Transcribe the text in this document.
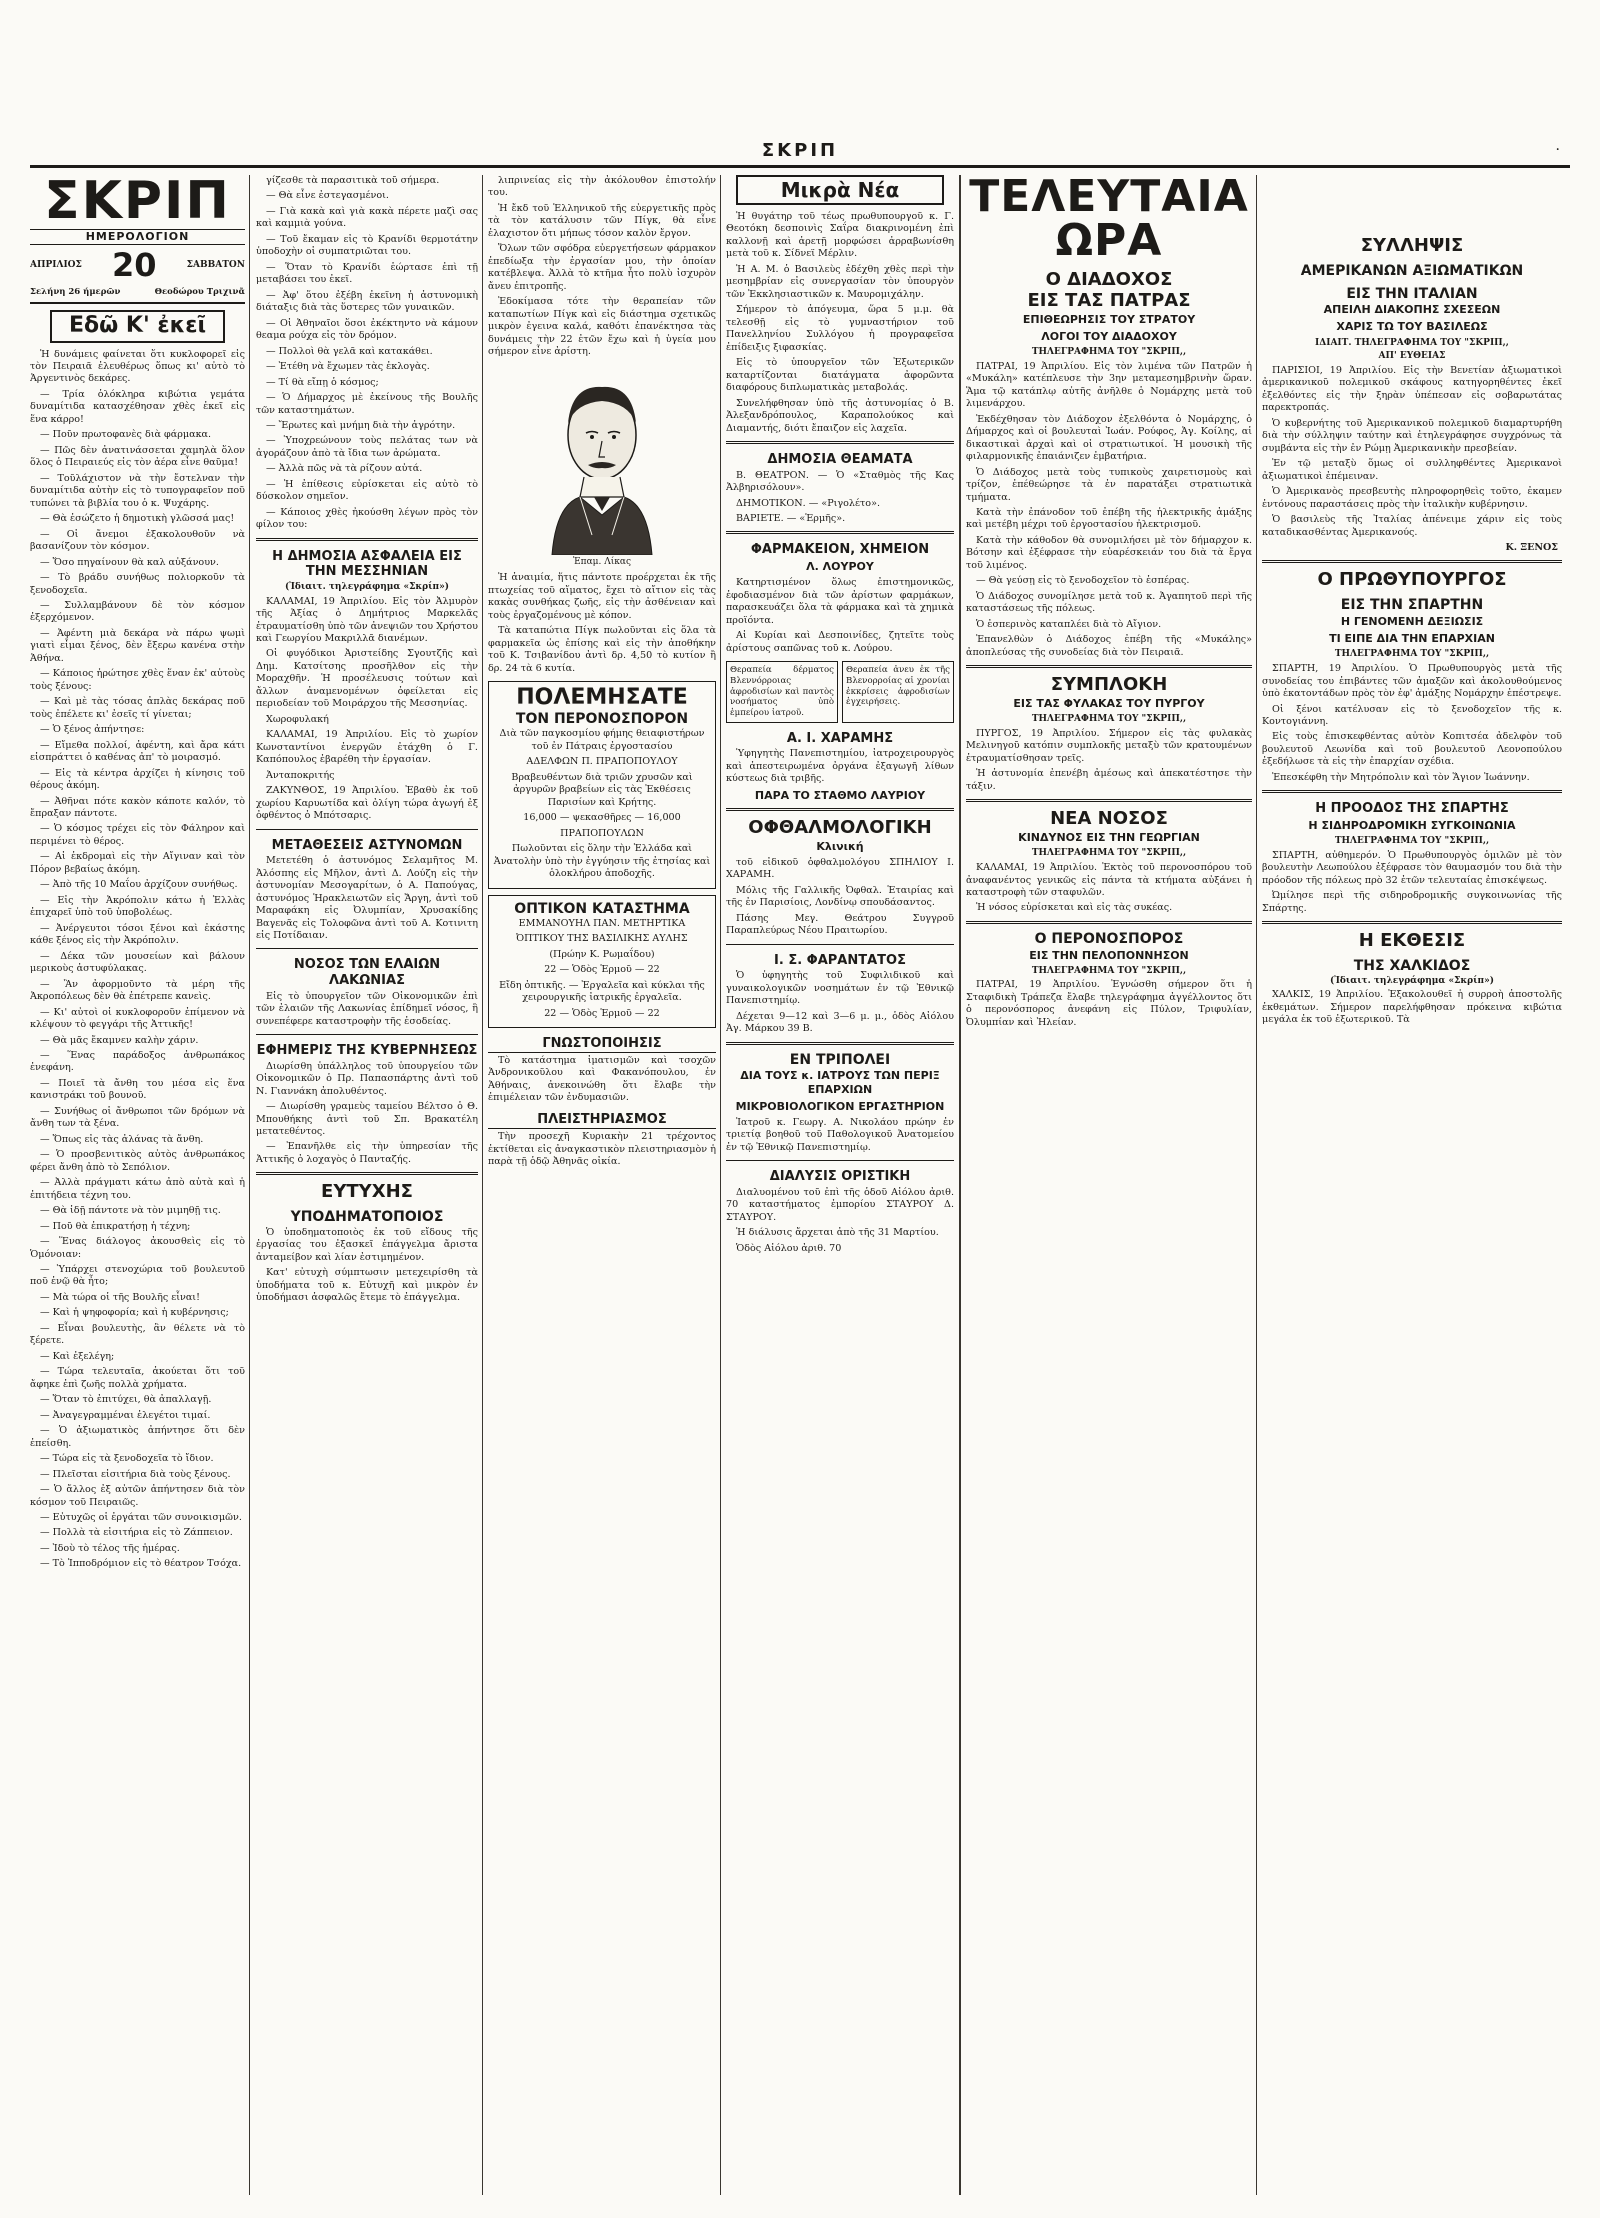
ΣΚΡΙΠ	·
ΣΚΡΙΠ
ΗΜΕΡΟΛΟΓΙΟΝ
ΑΠΡΙΛΙΟΣ 20	ΣΑΒΒΑΤΟΝ
Σελήνη 26 ήμερῶν	Θεοδώρου Τριχινᾶ
Εδῶ Κ' ἐκεῖ

Ἡ δυνάμεις φαίνεται ὅτι κυκλοφορεῖ εἰς τὸν Πειραιᾶ ἐλευθέρως ὅπως κι' αὐτὸ τὸ Ἀργεντινὸς δεκάρες.

— Τρία ὁλόκληρα κιβώτια γεμάτα δυναμίτιδα κατασχέθησαν χθὲς ἐκεῖ εἰς ἕνα κάρρο!

— Ποῦν πρωτοφανὲς διὰ φάρμακα.

— Πῶς δὲν ἀνατινάσσεται χαμηλὰ ὅλον ὅλος ὁ Πειραιεύς εἰς τὸν ἀέρα εἶνε θαῦμα!

— Τοῦλάχιστον νὰ τὴν ἔστελναν τὴν δυναμίτιδα αὐτὴν εἰς τὸ τυπογραφεῖον ποῦ τυπώνει τὰ βιβλία του ὁ κ. Ψυχάρης.

— Θὰ ἐσώζετο ἡ δημοτικὴ γλῶσσά μας!

— Οἱ ἄνεμοι ἐξακολουθοῦν νὰ βασανίζουν τὸν κόσμον.

— Ὅσο πηγαίνουν θὰ καλ αὐξάνουν.

— Τὸ βράδυ συνήθως πολιορκοῦν τὰ ξενοδοχεῖα.

— Συλλαμβάνουν δὲ τὸν κόσμον ἐξερχόμενον.

— Ἀφέντη μιὰ δεκάρα νὰ πάρω ψωμὶ γιατὶ εἶμαι ξένος, δὲν ἔξερω κανένα στὴν Ἀθήνα.

— Κάποιος ἠρώτησε χθὲς ἕναν ἐκ' αὐτοὺς τοὺς ξένους:

— Καὶ μὲ τὰς τόσας ἀπλὰς δεκάρας ποῦ τοὺς ἐπέλετε κι' ἐσεῖς τί γίνεται;

— Ὁ ξένος ἀπήντησε:

— Εἴμεθα πολλοί, ἀφέντη, καὶ ἄρα κάτι εἰσπράττει ὁ καθένας ἀπ' τὸ μοιρασμό.

— Εἰς τὰ κέντρα ἀρχίζει ἡ κίνησις τοῦ θέρους ἀκόμη.

— Ἀθῆναι πότε κακὸν κάποτε καλόν, τὸ ἔπραξαν πάντοτε.

— Ὁ κόσμος τρέχει εἰς τὸν Φάληρον καὶ περιμένει τὸ θέρος.

— Αἱ ἐκδρομαὶ εἰς τὴν Αἴγιναν καὶ τὸν Πόρον βεβαίως ἀκόμη.

— Ἀπὸ τῆς 10 Μαΐου ἀρχίζουν συνήθως.

— Εἰς τὴν Ἀκρόπολιν κάτω ἡ Ἑλλὰς ἐπιχαρεῖ ὑπὸ τοῦ ὑποβολέως.

— Ἀνέργευτοι τόσοι ξένοι καὶ ἐκάστης κάθε ξένος εἰς τὴν Ἀκρόπολιν.

— Δέκα τῶν μουσείων καὶ βάλουν μερικοὺς ἀστυφύλακας.

— Ἂν ἀφορμοῦντο τὰ μέρη τῆς Ἀκροπόλεως δὲν θὰ ἐπέτρεπε κανεὶς.

— Κι' αὐτοὶ οἱ κυκλοφοροῦν ἐπίμενον νὰ κλέψουν τὸ φεγγάρι τῆς Ἀττικῆς!

— Θὰ μᾶς ἔκαμνεν καλὴν χάριν.

— Ἕνας παράδοξος ἀνθρωπάκος ἐνεφάνη.

— Ποιεῖ τὰ ἄνθη του μέσα εἰς ἕνα κανιστράκι τοῦ βουνοῦ.

— Συνήθως οἱ ἄνθρωποι τῶν δρόμων νὰ ἄνθη των τὰ ξένα.

— Ὅπως εἰς τὰς ἀλάνας τὰ ἄνθη.

— Ὁ προσβενιτικὸς αὐτὸς ἀνθρωπάκος φέρει ἄνθη ἀπὸ τὸ Σεπόλιον.

— Ἀλλὰ πράγματι κάτω ἀπὸ αὐτὰ καὶ ἡ ἐπιτήδεια τέχνη του.

— Θὰ ἰδῇ πάντοτε νὰ τὸν μιμηθῇ τις.

— Ποῦ θὰ ἐπικρατήσῃ ἡ τέχνη;

— Ἕνας διάλογος ἀκουσθεὶς εἰς τὸ Ὁμόνοιαν:

— Ὑπάρχει στενοχώρια τοῦ βουλευτοῦ ποῦ ἐνῷ θὰ ἦτο;

— Μὰ τώρα οἱ τῆς Βουλῆς εἶναι!

— Καὶ ἡ ψηφοφορία; καὶ ἡ κυβέρνησις;

— Εἶναι βουλευτὴς, ἂν θέλετε νὰ τὸ ξέρετε.

— Καὶ ἐξελέγη;

— Τώρα τελευταῖα, ἀκούεται ὅτι τοῦ ἄφηκε ἐπὶ ζωῆς πολλὰ χρήματα.

— Ὅταν τὸ ἐπιτύχει, θὰ ἀπαλλαγῇ.

— Ἀναγεγραμμέναι ἐλεγέτοι τιμαί.

— Ὁ ἀξιωματικὸς ἀπήντησε ὅτι δὲν ἐπείσθη.

— Τώρα εἰς τὰ ξενοδοχεῖα τὸ ἴδιον.

— Πλεῖσται εἰσιτήρια διὰ τοὺς ξένους.

— Ὁ ἄλλος ἐξ αὐτῶν ἀπήντησεν διὰ τὸν κόσμον τοῦ Πειραιῶς.

— Εὐτυχῶς οἱ ἐργάται τῶν συνοικισμῶν.

— Πολλὰ τὰ εἰσιτήρια εἰς τὸ Ζάππειον.

— Ἰδοὺ τὸ τέλος τῆς ἡμέρας.

— Τὸ Ἱπποδρόμιον εἰς τὸ θέατρον Τσόχα.

γίζεσθε τὰ παρασιτικὰ τοῦ σήμερα.

— Θὰ εἶνε ἐστεγασμένοι.

— Γιὰ κακὰ καὶ γιὰ κακὰ πέρετε μαζὶ σας καὶ καμμιὰ γούνα.

— Τοῦ ἔκαμαν εἰς τὸ Κρανίδι θερμοτάτην ὑποδοχὴν οἱ συμπατριῶται του.

— Ὅταν τὸ Κρανίδι ἑώρτασε ἐπὶ τῇ μεταβάσει του ἐκεῖ.

— Ἀφ' ὅτου ἐξέβη ἐκεῖνη ἡ ἀστυνομικὴ διάταξις διὰ τὰς ὕστερες τῶν γυναικῶν.

— Οἱ Ἀθηναῖοι ὅσοι ἐκέκτηντο νὰ κάμουν θεαμα ρούχα εἰς τὸν δρόμον.

— Πολλοὶ θὰ γελᾶ καὶ κατακάθει.

— Ἐτέθη νὰ ἔχωμεν τὰς ἐκλογὰς.

— Τί θὰ εἴπῃ ὁ κόσμος;

— Ὁ Δήμαρχος μὲ ἐκείνους τῆς Βουλῆς τῶν καταστημάτων.

— Ἔρωτες καὶ μνήμη διὰ τὴν ἀγρότην.

— Ὑποχρεώνουν τοὺς πελάτας των νὰ ἀγοράζουν ἀπὸ τὰ ἴδια των ἀρώματα.

— Ἀλλὰ πῶς νὰ τὰ ρίζουν αὐτά.

— Ἡ ἐπίθεσις εὑρίσκεται εἰς αὐτὸ τὸ δύσκολον σημεῖον.

— Κάποιος χθὲς ἠκούσθη λέγων πρὸς τὸν φίλον του:

Η ΔΗΜΟΣΙΑ ΑΣΦΑΛΕΙΑ ΕΙΣ ΤΗΝ ΜΕΣΣΗΝΙΑΝ
(Ἰδιαιτ. τηλεγράφημα «Σκρίπ»)

ΚΑΛΑΜΑΙ, 19 Ἀπριλίου. Εἰς τὸν Ἀλμυρὸν τῆς Ἀξίας ὁ Δημήτριος Μαρκελᾶς ἐτραυματίσθη ὑπὸ τῶν ἀνεψιῶν του Χρήστου καὶ Γεωργίου Μακριλλᾶ διανέμων.

Οἱ φυγόδικοι Ἀριστείδης Σγουτζῆς καὶ Δημ. Κατσίτσης προσῆλθον εἰς τὴν Μοραχθῆν. Ἡ προσέλευσις τούτων καὶ ἄλλων ἀναμενομένων ὀφείλεται εἰς περιοδείαν τοῦ Μοιράρχου τῆς Μεσσηνίας.

Χωροφυλακή

ΚΑΛΑΜΑΙ, 19 Ἀπριλίου. Εἰς τὸ χωρίον Κωνσταντίνοι ἐνεργῶν ἐτάχθη ὁ Γ. Καπόπουλος ἐβαρέθη τὴν ἐργασίαν.

Ἀνταποκριτής

ΖΑΚΥΝΘΟΣ, 19 Ἀπριλίου. Ἐβαθὺ ἐκ τοῦ χωρίου Καρυωτίδα καὶ ὀλίγη τώρα ἀγωγή ἐξ ὀφθέντος ὁ Μπότσαρις.

ΜΕΤΑΘΕΣΕΙΣ ΑΣΤΥΝΟΜΩΝ

Μετετέθη ὁ ἀστυνόμος Σελαμῆτος Μ. Ἀλόσπης εἰς Μῆλον, ἀντὶ Δ. Λούζη εἰς τὴν ἀστυνομίαν Μεσογαρίτων, ὁ Α. Παπούγας, ἀστυνόμος Ἡρακλειωτῶν εἰς Ἄργη, ἀντὶ τοῦ Μαραφάκη εἰς Ὀλυμπίαν, Χρυσακίδης Βαγενᾶς εἰς Τολοφῶνα ἀντὶ τοῦ Α. Κοτινιτη εἰς Ποτίδαιαν.

ΝΟΣΟΣ ΤΩΝ ΕΛΑΙΩΝ ΛΑΚΩΝΙΑΣ

Εἰς τὸ ὑπουργεῖον τῶν Οἰκονομικῶν ἐπὶ τῶν ἐλαιῶν τῆς Λακωνίας ἐπίδημεῖ νόσος, ἣ συνεπέφερε καταστροφὴν τῆς ἐσοδείας.

ΕΦΗΜΕΡΙΣ ΤΗΣ ΚΥΒΕΡΝΗΣΕΩΣ

Διωρίσθη ὑπάλληλος τοῦ ὑπουργείου τῶν Οἰκονομικῶν ὁ Πρ. Παπασπάρτης ἀντὶ τοῦ Ν. Γιαννάκη ἀπολυθέντος.

— Διωρίσθη γραμεὺς ταμείου Βέλτσο ὁ Θ. Μπουθήκης ἀντὶ τοῦ Σπ. Βρακατέλη μετατεθέντος.

— Ἐπανῆλθε εἰς τὴν ὑπηρεσίαν τῆς Ἀττικῆς ὁ λοχαγὸς ὁ Πανταζής.

ΕΥΤΥΧΗΣ
ΥΠΟΔΗΜΑΤΟΠΟΙΟΣ

Ὁ ὑποδηματοποιὸς ἐκ τοῦ εἴδους τῆς ἐργασίας του ἐξασκεῖ ἐπάγγελμα ἄριστα ἀνταμείβον καὶ λίαν ἐστιμημένον.

Κατ' εὐτυχὴ σύμπτωσιν μετεχειρίσθη τὰ ὑποδήματα τοῦ κ. Εὐτυχῆ καὶ μικρὸν ἐν ὑποδήμασι ἀσφαλῶς ἔτεμε τὸ ἐπάγγελμα.

λιπρινείας εἰς τὴν ἀκόλουθον ἐπιστολήν του.

Ἡ ἔκδ τοῦ Ἑλληνικοῦ τῆς εὐεργετικῆς πρὸς τὰ τὸν κατάλυσιν τῶν Πίγκ, θὰ εἶνε ἐλαχιστον ὅτι μήπως τόσον καλὸν ἔργον.

Ὅλων τῶν σφόδρα εὐεργετήσεων φάρμακον ἐπεδίωξα τὴν ἐργασίαν μου, τὴν ὁποίαν κατέβλεψα. Ἀλλὰ τὸ κτῆμα ἦτο πολὺ ἰσχυρὸν ἄνευ ἐπιτροπῆς.

Ἐδοκίμασα τότε τὴν θεραπείαν τῶν καταπωτίων Πίγκ καὶ εἰς διάστημα σχετικῶς μικρὸν ἐγεινα καλά, καθότι ἐπανέκτησα τὰς δυνάμεις τὴν 22 ἐτῶν ἔχω καὶ ἡ ὑγεία μου σήμερον εἶνε ἀρίστη.

Ἐπαμ. Λίκας

Ἡ ἀναιμία, ἥτις πάντοτε προέρχεται ἐκ τῆς πτωχείας τοῦ αἵματος, ἔχει τὸ αἴτιον εἰς τὰς κακὰς συνθήκας ζωῆς, εἰς τὴν ἀσθένειαν καὶ τοὺς ἐργαζομένους μὲ κόπον.

Τὰ καταπώτια Πίγκ πωλοῦνται εἰς ὅλα τὰ φαρμακεῖα ὡς ἐπίσης καὶ εἰς τὴν ἀποθήκην τοῦ Κ. Τσιβανίδου ἀντὶ δρ. 4,50 τὸ κυτίον ἢ δρ. 24 τὰ 6 κυτία.

ΠΟΛΕΜΗΣΑΤΕ
ΤΟΝ ΠΕΡΟΝΟΣΠΟΡΟΝ

Διὰ τῶν παγκοσμίου φήμης θειαφιστήρων τοῦ ἐν Πάτραις ἐργοστασίου

ΑΔΕΛΦΩΝ Π. ΠΡΑΠΟΠΟΥΛΟΥ

Βραβευθέντων διὰ τριῶν χρυσῶν καὶ ἀργυρῶν βραβείων εἰς τὰς Ἐκθέσεις Παρισίων καὶ Κρήτης.

16,000 — ψεκασθῆρες — 16,000

ΠΡΑΠΟΠΟΥΛΩΝ

Πωλοῦνται εἰς ὅλην τὴν Ἑλλάδα καὶ Ἀνατολὴν ὑπὸ τὴν ἐγγύησιν τῆς ἐτησίας καὶ ὁλοκλήρου ἀποδοχῆς.

ΟΠΤΙΚΟΝ ΚΑΤΑΣΤΗΜΑ

ΕΜΜΑΝΟΥΗΛ ΠΑΝ. ΜΕΤΗΡΤΙΚΑ

ὈΠΤΙΚΟΥ ΤΗΣ ΒΑΣΙΛΙΚΗΣ ΑΥΛΗΣ

(Πρώην Κ. Ρωμαΐδου)

22 — Ὁδὸς Ἑρμοῦ — 22

Εἴδη ὀπτικῆς. — Ἐργαλεῖα καὶ κύκλαι τῆς χειρουργικῆς ἰατρικῆς ἐργαλεῖα.

22 — Ὁδὸς Ἑρμοῦ — 22

ΓΝΩΣΤΟΠΟΙΗΣΙΣ

Τὸ κατάστημα ἱματισμῶν καὶ τσοχῶν Ἀνδρονικοῦλου καὶ Φακανόπουλου, ἐν Ἀθήναις, ἀνεκοινώθη ὅτι ἔλαβε τὴν ἐπιμέλειαν τῶν ἐνδυμασιῶν.

ΠΛΕΙΣΤΗΡΙΑΣΜΟΣ

Τὴν προσεχῆ Κυριακὴν 21 τρέχοντος ἐκτίθεται εἰς ἀναγκαστικὸν πλειστηριασμὸν ἡ παρὰ τῇ ὁδῷ Ἀθηνᾶς οἰκία.

Μικρὰ Νέα

Ἡ θυγάτηρ τοῦ τέως πρωθυπουργοῦ κ. Γ. Θεοτόκη δεσποινὶς Σαΐρα διακρινομένη ἐπὶ καλλονῇ καὶ ἀρετῇ μορφώσει ἀρραβωνίσθη μετὰ τοῦ κ. Σίδνεϊ Μέρλιν.

Ἡ Α. Μ. ὁ Βασιλεὺς ἐδέχθη χθὲς περὶ τὴν μεσημβρίαν εἰς συνεργασίαν τὸν ὑπουργὸν τῶν Ἐκκλησιαστικῶν κ. Μαυρομιχάλην.

Σήμερον τὸ ἀπόγευμα, ὥρα 5 μ.μ. θὰ τελεσθῇ εἰς τὸ γυμναστήριον τοῦ Πανελληνίου Συλλόγου ἡ προγραφεῖσα ἐπίδειξις ξιφασκίας.

Εἰς τὸ ὑπουργεῖον τῶν Ἐξωτερικῶν καταρτίζονται διατάγματα ἀφορῶντα διαφόρους διπλωματικὰς μεταβολάς.

Συνελήφθησαν ὑπὸ τῆς ἀστυνομίας ὁ Β. Ἀλεξανδρόπουλος, Καραπολούκος καὶ Διαμαντής, διότι ἔπαιζον εἰς λαχεῖα.

ΔΗΜΟΣΙΑ ΘΕΑΜΑΤΑ

Β. ΘΕΑΤΡΟΝ. — Ὁ «Σταθμὸς τῆς Κας Ἀλβηρισόλουν».

ΔΗΜΟΤΙΚΟΝ. — «Ριγολέτο».

ΒΑΡΙΕΤΕ. — «Ἑρμῆς».

ΦΑΡΜΑΚΕΙΟΝ, ΧΗΜΕΙΟΝ
Λ. ΛΟΥΡΟΥ

Κατηρτισμένον ὅλως ἐπιστημονικῶς, ἐφοδιασμένον διὰ τῶν ἀρίστων φαρμάκων, παρασκευάζει ὅλα τὰ φάρμακα καὶ τὰ χημικὰ προϊόντα.

Αἱ Κυρίαι καὶ Δεσποινίδες, ζητεῖτε τοὺς ἀρίστους σαπῶνας τοῦ κ. Λούρου.

Θεραπεία δέρματος Βλεννόρροιας ἀφροδισίων καὶ παντὸς νοσήματος ὑπὸ ἐμπείρου ἰατροῦ.
Θεραπεία ἀνευ ἐκ τῆς Βλενορροίας αἱ χρονίαι ἐκκρίσεις ἀφροδισίων ἐγχειρήσεις.
Α. Ι. ΧΑΡΑΜΗΣ

Ὑφηγητὴς Πανεπιστημίου, ἰατροχειρουργὸς καὶ ἀπεστειρωμένα ὀργάνα ἐξαγωγῆ λίθων κύστεως διὰ τριβῆς.

ΠΑΡΑ ΤΟ ΣΤΑΘΜΟ ΛΑΥΡΙΟΥ
ΟΦΘΑΛΜΟΛΟΓΙΚΗ
Κλινική

τοῦ εἰδικοῦ ὀφθαλμολόγου ΣΠΗΛΙΟΥ Ι. ΧΑΡΑΜΗ.

Μόλις τῆς Γαλλικῆς Ὀφθαλ. Ἑταιρίας καὶ τῆς ἐν Παρισίοις, Λονδίνῳ σπουδάσαντος.

Πάσης Μεγ. Θεάτρου Συγγροῦ Παραπλεύρως Νέου Πραιτωρίου.

Ι. Σ. ΦΑΡΑΝΤΑΤΟΣ

Ὁ ὑφηγητὴς τοῦ Συφιλιδικοῦ καὶ γυναικολογικῶν νοσημάτων ἐν τῷ Ἐθνικῷ Πανεπιστημίῳ.

Δέχεται 9—12 καὶ 3—6 μ. μ., ὁδὸς Αἰόλου Ἀγ. Μάρκου 39 Β.

ΕΝ ΤΡΙΠΟΛΕΙ
ΔΙΑ ΤΟΥΣ κ. ΙΑΤΡΟΥΣ ΤΩΝ ΠΕΡΙΞ ΕΠΑΡΧΙΩΝ
ΜΙΚΡΟΒΙΟΛΟΓΙΚΟΝ ΕΡΓΑΣΤΗΡΙΟΝ

Ἰατροῦ κ. Γεωργ. Α. Νικολάου πρώην ἐν τριετίᾳ βοηθοῦ τοῦ Παθολογικοῦ Ἀνατομείου ἐν τῷ Ἐθνικῷ Πανεπιστημίῳ.

ΔΙΑΛΥΣΙΣ ΟΡΙΣΤΙΚΗ

Διαλυομένου τοῦ ἐπὶ τῆς ὁδοῦ Αἰόλου ἀριθ. 70 καταστήματος ἐμπορίου ΣΤΑΥΡΟΥ Δ. ΣΤΑΥΡΟΥ.

Ἡ διάλυσις ἄρχεται ἀπὸ τῆς 31 Μαρτίου.

Ὁδὸς Αἰόλου ἀριθ. 70

ΤΕΛΕΥΤΑΙΑ ΩΡΑ
Ο ΔΙΑΔΟΧΟΣ
ΕΙΣ ΤΑΣ ΠΑΤΡΑΣ
ΕΠΙΘΕΩΡΗΣΙΣ ΤΟΥ ΣΤΡΑΤΟΥ
ΛΟΓΟΙ ΤΟΥ ΔΙΑΔΟΧΟΥ
ΤΗΛΕΓΡΑΦΗΜΑ ΤΟΥ "ΣΚΡΙΠ,,

ΠΑΤΡΑΙ, 19 Ἀπριλίου. Εἰς τὸν λιμένα τῶν Πατρῶν ἡ «Μυκάλη» κατέπλευσε τὴν 3ην μεταμεσημβρινὴν ὥραν. Ἅμα τῷ κατάπλῳ αὐτῆς ἀνῆλθε ὁ Νομάρχης μετὰ τοῦ λιμενάρχου.

Ἐκδέχθησαν τὸν Διάδοχον ἐξελθόντα ὁ Νομάρχης, ὁ Δήμαρχος καὶ οἱ βουλευταὶ Ἰωάν. Ρούφος, Ἀγ. Κοίλης, αἱ δικαστικαὶ ἀρχαὶ καὶ οἱ στρατιωτικοί. Ἡ μουσικὴ τῆς φιλαρμονικῆς ἐπαιάνιζεν ἐμβατήρια.

Ὁ Διάδοχος μετὰ τοὺς τυπικοὺς χαιρετισμοὺς καὶ τρίζον, ἐπέθεώρησε τὰ ἐν παρατάξει στρατιωτικὰ τμήματα.

Κατὰ τὴν ἐπάνοδον τοῦ ἐπέβη τῆς ἠλεκτρικῆς ἁμάξης καὶ μετέβη μέχρι τοῦ ἐργοστασίου ἠλεκτρισμοῦ.

Κατὰ τὴν κάθοδον θὰ συνομιλήσει μὲ τὸν δήμαρχον κ. Βότσην καὶ ἐξέφρασε τὴν εὐαρέσκειάν του διὰ τὰ ἔργα τοῦ λιμένος.

— Θὰ γεύσῃ εἰς τὸ ξενοδοχεῖον τὸ ἑσπέρας.

Ὁ Διάδοχος συνομίλησε μετὰ τοῦ κ. Ἀγαπητοῦ περὶ τῆς καταστάσεως τῆς πόλεως.

Ὁ ἐσπερινὸς καταπλέει διὰ τὸ Αἴγιον.

Ἐπανελθὼν ὁ Διάδοχος ἐπέβη τῆς «Μυκάλης» ἀποπλεύσας τῆς συνοδείας διὰ τὸν Πειραιᾶ.

ΣΥΜΠΛΟΚΗ
ΕΙΣ ΤΑΣ ΦΥΛΑΚΑΣ ΤΟΥ ΠΥΡΓΟΥ
ΤΗΛΕΓΡΑΦΗΜΑ ΤΟΥ "ΣΚΡΙΠ,,

ΠΥΡΓΟΣ, 19 Ἀπριλίου. Σήμερον εἰς τὰς φυλακὰς Μελινηγοῦ κατόπιν συμπλοκῆς μεταξὺ τῶν κρατουμένων ἐτραυματίσθησαν τρεῖς.

Ἡ ἀστυνομία ἐπενέβη ἀμέσως καὶ ἀπεκατέστησε τὴν τάξιν.

ΝΕΑ ΝΟΣΟΣ
ΚΙΝΔΥΝΟΣ ΕΙΣ ΤΗΝ ΓΕΩΡΓΙΑΝ
ΤΗΛΕΓΡΑΦΗΜΑ ΤΟΥ "ΣΚΡΙΠ,,

ΚΑΛΑΜΑΙ, 19 Ἀπριλίου. Ἐκτὸς τοῦ περονοσπόρου τοῦ ἀναφανέντος γενικῶς εἰς πάντα τὰ κτήματα αὐξάνει ἡ καταστροφὴ τῶν σταφυλῶν.

Ἡ νόσος εὑρίσκεται καὶ εἰς τὰς συκέας.

Ο ΠΕΡΟΝΟΣΠΟΡΟΣ
ΕΙΣ ΤΗΝ ΠΕΛΟΠΟΝΝΗΣΟΝ
ΤΗΛΕΓΡΑΦΗΜΑ ΤΟΥ "ΣΚΡΙΠ,,

ΠΑΤΡΑΙ, 19 Ἀπριλίου. Ἐγνώσθη σήμερον ὅτι ἡ Σταφιδικὴ Τράπεζα ἔλαβε τηλεγράφημα ἀγγέλλοντος ὅτι ὁ περονόσπορος ἀνεφάνη εἰς Πύλον, Τριφυλίαν, Ὀλυμπίαν καὶ Ἠλείαν.

ΣΥΛΛΗΨΙΣ
ΑΜΕΡΙΚΑΝΩΝ ΑΞΙΩΜΑΤΙΚΩΝ
ΕΙΣ ΤΗΝ ΙΤΑΛΙΑΝ
ΑΠΕΙΛΗ ΔΙΑΚΟΠΗΣ ΣΧΕΣΕΩΝ
ΧΑΡΙΣ ΤΩ ΤΟΥ ΒΑΣΙΛΕΩΣ
ΙΔΙΑΙΤ. ΤΗΛΕΓΡΑΦΗΜΑ ΤΟΥ "ΣΚΡΙΠ,,
ΑΠ' ΕΥΘΕΙΑΣ

ΠΑΡΙΣΙΟΙ, 19 Ἀπριλίου. Εἰς τὴν Βενετίαν ἀξιωματικοὶ ἀμερικανικοῦ πολεμικοῦ σκάφους κατηγορηθέντες ἐκεῖ ἐξελθόντες εἰς τὴν ξηρὰν ὑπέπεσαν εἰς σοβαρωτάτας παρεκτροπάς.

Ὁ κυβερνήτης τοῦ Ἀμερικανικοῦ πολεμικοῦ διαμαρτυρήθη διὰ τὴν σύλληψιν ταύτην καὶ ἐτηλεγράφησε συγχρόνως τὰ συμβάντα εἰς τὴν ἐν Ρώμῃ Ἀμερικανικὴν πρεσβείαν.

Ἐν τῷ μεταξὺ ὅμως οἱ συλληφθέντες Ἀμερικανοὶ ἀξιωματικοὶ ἐπέμειναν.

Ὁ Ἀμερικανὸς πρεσβευτὴς πληροφορηθεὶς τοῦτο, ἐκαμεν ἐντόνους παραστάσεις πρὸς τὴν ἰταλικὴν κυβέρνησιν.

Ὁ βασιλεὺς τῆς Ἰταλίας ἀπένειμε χάριν εἰς τοὺς καταδικασθέντας Ἀμερικανούς.

Κ. ΞΕΝΟΣ
Ο ΠΡΩΘΥΠΟΥΡΓΟΣ
ΕΙΣ ΤΗΝ ΣΠΑΡΤΗΝ
Η ΓΕΝΟΜΕΝΗ ΔΕΞΙΩΣΙΣ
ΤΙ ΕΙΠΕ ΔΙΑ ΤΗΝ ΕΠΑΡΧΙΑΝ
ΤΗΛΕΓΡΑΦΗΜΑ ΤΟΥ "ΣΚΡΙΠ,,

ΣΠΑΡΤΗ, 19 Ἀπριλίου. Ὁ Πρωθυπουργὸς μετὰ τῆς συνοδείας του ἐπιβάντες τῶν ἀμαξῶν καὶ ἀκολουθούμενος ὑπὸ ἐκατοντάδων πρὸς τὸν ἐφ' ἁμάξης Νομάρχην ἐπέστρεψε.

Οἱ ξένοι κατέλυσαν εἰς τὸ ξενοδοχεῖον τῆς κ. Κοντογιάννη.

Εἰς τοὺς ἐπισκεφθέντας αὐτὸν Κοπιτσέα ἀδελφὸν τοῦ βουλευτοῦ Λεωνίδα καὶ τοῦ βουλευτοῦ Λεονοπούλου ἐξεδήλωσε τὰ εἰς τὴν ἐπαρχίαν σχέδια.

Ἐπεσκέφθη τὴν Μητρόπολιν καὶ τὸν Ἅγιον Ἰωάννην.

Η ΠΡΟΟΔΟΣ ΤΗΣ ΣΠΑΡΤΗΣ
Η ΣΙΔΗΡΟΔΡΟΜΙΚΗ ΣΥΓΚΟΙΝΩΝΙΑ
ΤΗΛΕΓΡΑΦΗΜΑ ΤΟΥ "ΣΚΡΙΠ,,

ΣΠΑΡΤΗ, αὐθημερόν. Ὁ Πρωθυπουργὸς ὁμιλῶν μὲ τὸν βουλευτὴν Λεωπούλου ἐξέφρασε τὸν θαυμασμόν του διὰ τὴν πρόοδον τῆς πόλεως πρὸ 32 ἐτῶν τελευταίας ἐπισκέψεως.

Ὠμίλησε περὶ τῆς σιδηροδρομικῆς συγκοινωνίας τῆς Σπάρτης.

Η ΕΚΘΕΣΙΣ
ΤΗΣ ΧΑΛΚΙΔΟΣ
(Ἰδιαιτ. τηλεγράφημα «Σκρίπ»)

ΧΑΛΚΙΣ, 19 Ἀπριλίου. Ἐξακολουθεῖ ἡ συρροὴ ἀποστολῆς ἐκθεμάτων. Σήμερον παρελήφθησαν πρόκεινα κιβώτια μεγάλα ἐκ τοῦ ἐξωτερικοῦ. Τὰ
